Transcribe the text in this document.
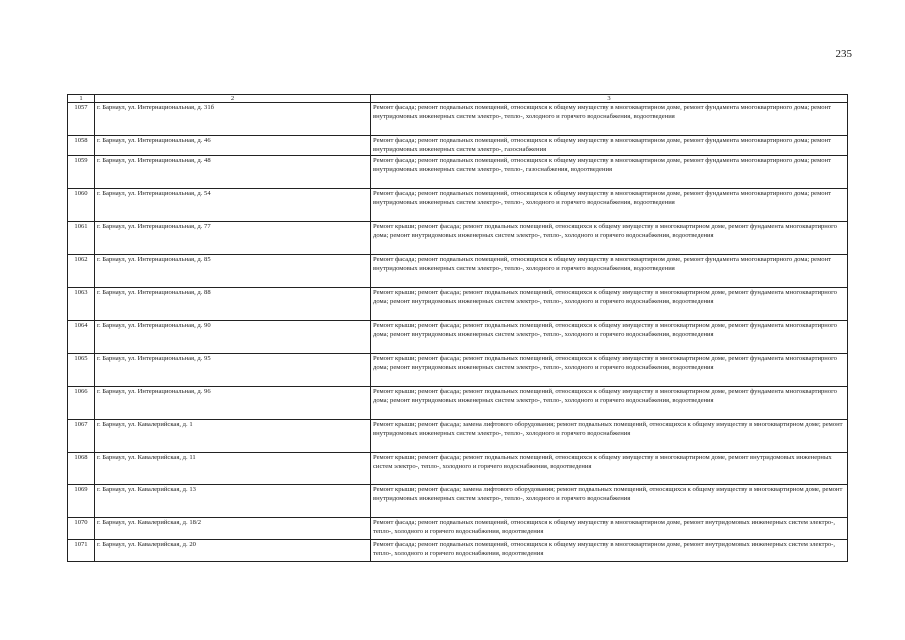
235
1	2	3
1057	г. Барнаул, ул. Интернациональная, д. 31б	Ремонт фасада; ремонт подвальных помещений, относящихся к общему имуществу в многоквартирном доме, ремонт фундамента многоквартирного дома; ремонт внутридомовых инженерных систем электро-, тепло-, холодного и горячего водоснабжения, водоотведения
1058	г. Барнаул, ул. Интернациональная, д. 46	Ремонт фасада; ремонт подвальных помещений, относящихся к общему имуществу в многоквартирном доме, ремонт фундамента многоквартирного дома; ремонт внутридомовых инженерных систем электро-, газоснабжения
1059	г. Барнаул, ул. Интернациональная, д. 48	Ремонт фасада; ремонт подвальных помещений, относящихся к общему имуществу в многоквартирном доме, ремонт фундамента многоквартирного дома; ремонт внутридомовых инженерных систем электро-, тепло-, газоснабжения, водоотведения
1060	г. Барнаул, ул. Интернациональная, д. 54	Ремонт фасада; ремонт подвальных помещений, относящихся к общему имуществу в многоквартирном доме, ремонт фундамента многоквартирного дома; ремонт внутридомовых инженерных систем электро-, тепло-, холодного и горячего водоснабжения, водоотведения
1061	г. Барнаул, ул. Интернациональная, д. 77	Ремонт крыши; ремонт фасада; ремонт подвальных помещений, относящихся к общему имуществу в многоквартирном доме, ремонт фундамента многоквартирного дома; ремонт внутридомовых инженерных систем электро-, тепло-, холодного и горячего водоснабжения, водоотведения
1062	г. Барнаул, ул. Интернациональная, д. 85	Ремонт фасада; ремонт подвальных помещений, относящихся к общему имуществу в многоквартирном доме, ремонт фундамента многоквартирного дома; ремонт внутридомовых инженерных систем электро-, тепло-, холодного и горячего водоснабжения, водоотведения
1063	г. Барнаул, ул. Интернациональная, д. 88	Ремонт крыши; ремонт фасада; ремонт подвальных помещений, относящихся к общему имуществу в многоквартирном доме, ремонт фундамента многоквартирного дома; ремонт внутридомовых инженерных систем электро-, тепло-, холодного и горячего водоснабжения, водоотведения
1064	г. Барнаул, ул. Интернациональная, д. 90	Ремонт крыши; ремонт фасада; ремонт подвальных помещений, относящихся к общему имуществу в многоквартирном доме, ремонт фундамента многоквартирного дома; ремонт внутридомовых инженерных систем электро-, тепло-, холодного и горячего водоснабжения, водоотведения
1065	г. Барнаул, ул. Интернациональная, д. 95	Ремонт крыши; ремонт фасада; ремонт подвальных помещений, относящихся к общему имуществу в многоквартирном доме, ремонт фундамента многоквартирного дома; ремонт внутридомовых инженерных систем электро-, тепло-, холодного и горячего водоснабжения, водоотведения
1066	г. Барнаул, ул. Интернациональная, д. 96	Ремонт крыши; ремонт фасада; ремонт подвальных помещений, относящихся к общему имуществу в многоквартирном доме, ремонт фундамента многоквартирного дома; ремонт внутридомовых инженерных систем электро-, тепло-, холодного и горячего водоснабжения, водоотведения
1067	г. Барнаул, ул. Кавалерийская, д. 1	Ремонт крыши; ремонт фасада; замена лифтового оборудования; ремонт подвальных помещений, относящихся к общему имуществу в многоквартирном доме; ремонт внутридомовых инженерных систем электро-, тепло-, холодного и горячего водоснабжения
1068	г. Барнаул, ул. Кавалерийская, д. 11	Ремонт крыши; ремонт фасада; ремонт подвальных помещений, относящихся к общему имуществу в многоквартирном доме, ремонт внутридомовых инженерных систем электро-, тепло-, холодного и горячего водоснабжения, водоотведения
1069	г. Барнаул, ул. Кавалерийская, д. 13	Ремонт крыши; ремонт фасада; замена лифтового оборудования; ремонт подвальных помещений, относящихся к общему имуществу в многоквартирном доме, ремонт внутридомовых инженерных систем электро-, тепло-, холодного и горячего водоснабжения
1070	г. Барнаул, ул. Кавалерийская, д. 18/2	Ремонт фасада; ремонт подвальных помещений, относящихся к общему имуществу в многоквартирном доме, ремонт внутридомовых инженерных систем электро-, тепло-, холодного и горячего водоснабжения, водоотведения
1071	г. Барнаул, ул. Кавалерийская, д. 20	Ремонт фасада; ремонт подвальных помещений, относящихся к общему имуществу в многоквартирном доме, ремонт внутридомовых инженерных систем электро-, тепло-, холодного и горячего водоснабжения, водоотведения
